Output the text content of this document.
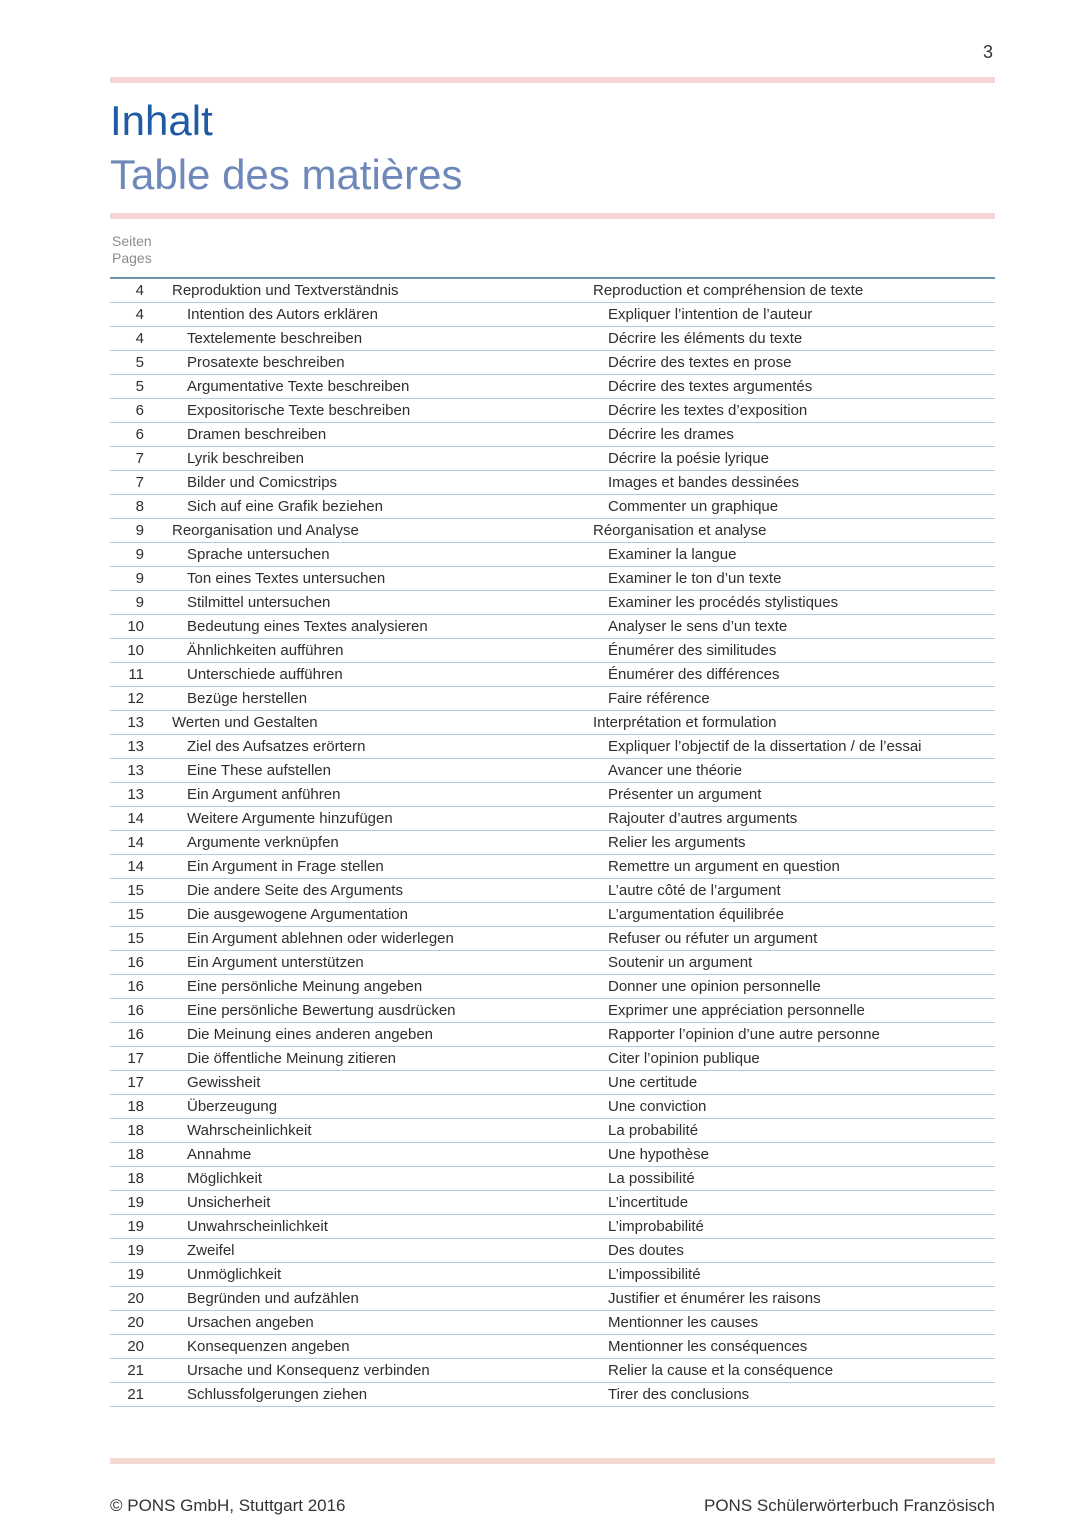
3
Inhalt
Table des matières
Seiten
Pages
4	Reproduktion und Textverständnis	Reproduction et compréhension de texte
4	Intention des Autors erklären	Expliquer l’intention de l’auteur
4	Textelemente beschreiben	Décrire les éléments du texte
5	Prosatexte beschreiben	Décrire des textes en prose
5	Argumentative Texte beschreiben	Décrire des textes argumentés
6	Expositorische Texte beschreiben	Décrire les textes d’exposition
6	Dramen beschreiben	Décrire les drames
7	Lyrik beschreiben	Décrire la poésie lyrique
7	Bilder und Comicstrips	Images et bandes dessinées
8	Sich auf eine Grafik beziehen	Commenter un graphique
9	Reorganisation und Analyse	Réorganisation et analyse
9	Sprache untersuchen	Examiner la langue
9	Ton eines Textes untersuchen	Examiner le ton d’un texte
9	Stilmittel untersuchen	Examiner les procédés stylistiques
10	Bedeutung eines Textes analysieren	Analyser le sens d’un texte
10	Ähnlichkeiten aufführen	Énumérer des similitudes
11	Unterschiede aufführen	Énumérer des différences
12	Bezüge herstellen	Faire référence
13	Werten und Gestalten	Interprétation et formulation
13	Ziel des Aufsatzes erörtern	Expliquer l’objectif de la dissertation / de l’essai
13	Eine These aufstellen	Avancer une théorie
13	Ein Argument anführen	Présenter un argument
14	Weitere Argumente hinzufügen	Rajouter d’autres arguments
14	Argumente verknüpfen	Relier les arguments
14	Ein Argument in Frage stellen	Remettre un argument en question
15	Die andere Seite des Arguments	L’autre côté de l’argument
15	Die ausgewogene Argumentation	L’argumentation équilibrée
15	Ein Argument ablehnen oder widerlegen	Refuser ou réfuter un argument
16	Ein Argument unterstützen	Soutenir un argument
16	Eine persönliche Meinung angeben	Donner une opinion personnelle
16	Eine persönliche Bewertung ausdrücken	Exprimer une appréciation personnelle
16	Die Meinung eines anderen angeben	Rapporter l’opinion d’une autre personne
17	Die öffentliche Meinung zitieren	Citer l’opinion publique
17	Gewissheit	Une certitude
18	Überzeugung	Une conviction
18	Wahrscheinlichkeit	La probabilité
18	Annahme	Une hypothèse
18	Möglichkeit	La possibilité
19	Unsicherheit	L’incertitude
19	Unwahrscheinlichkeit	L’improbabilité
19	Zweifel	Des doutes
19	Unmöglichkeit	L’impossibilité
20	Begründen und aufzählen	Justifier et énumérer les raisons
20	Ursachen angeben	Mentionner les causes
20	Konsequenzen angeben	Mentionner les conséquences
21	Ursache und Konsequenz verbinden	Relier la cause et la conséquence
21	Schlussfolgerungen ziehen	Tirer des conclusions
© PONS GmbH, Stuttgart 2016	PONS Schülerwörterbuch Französisch
